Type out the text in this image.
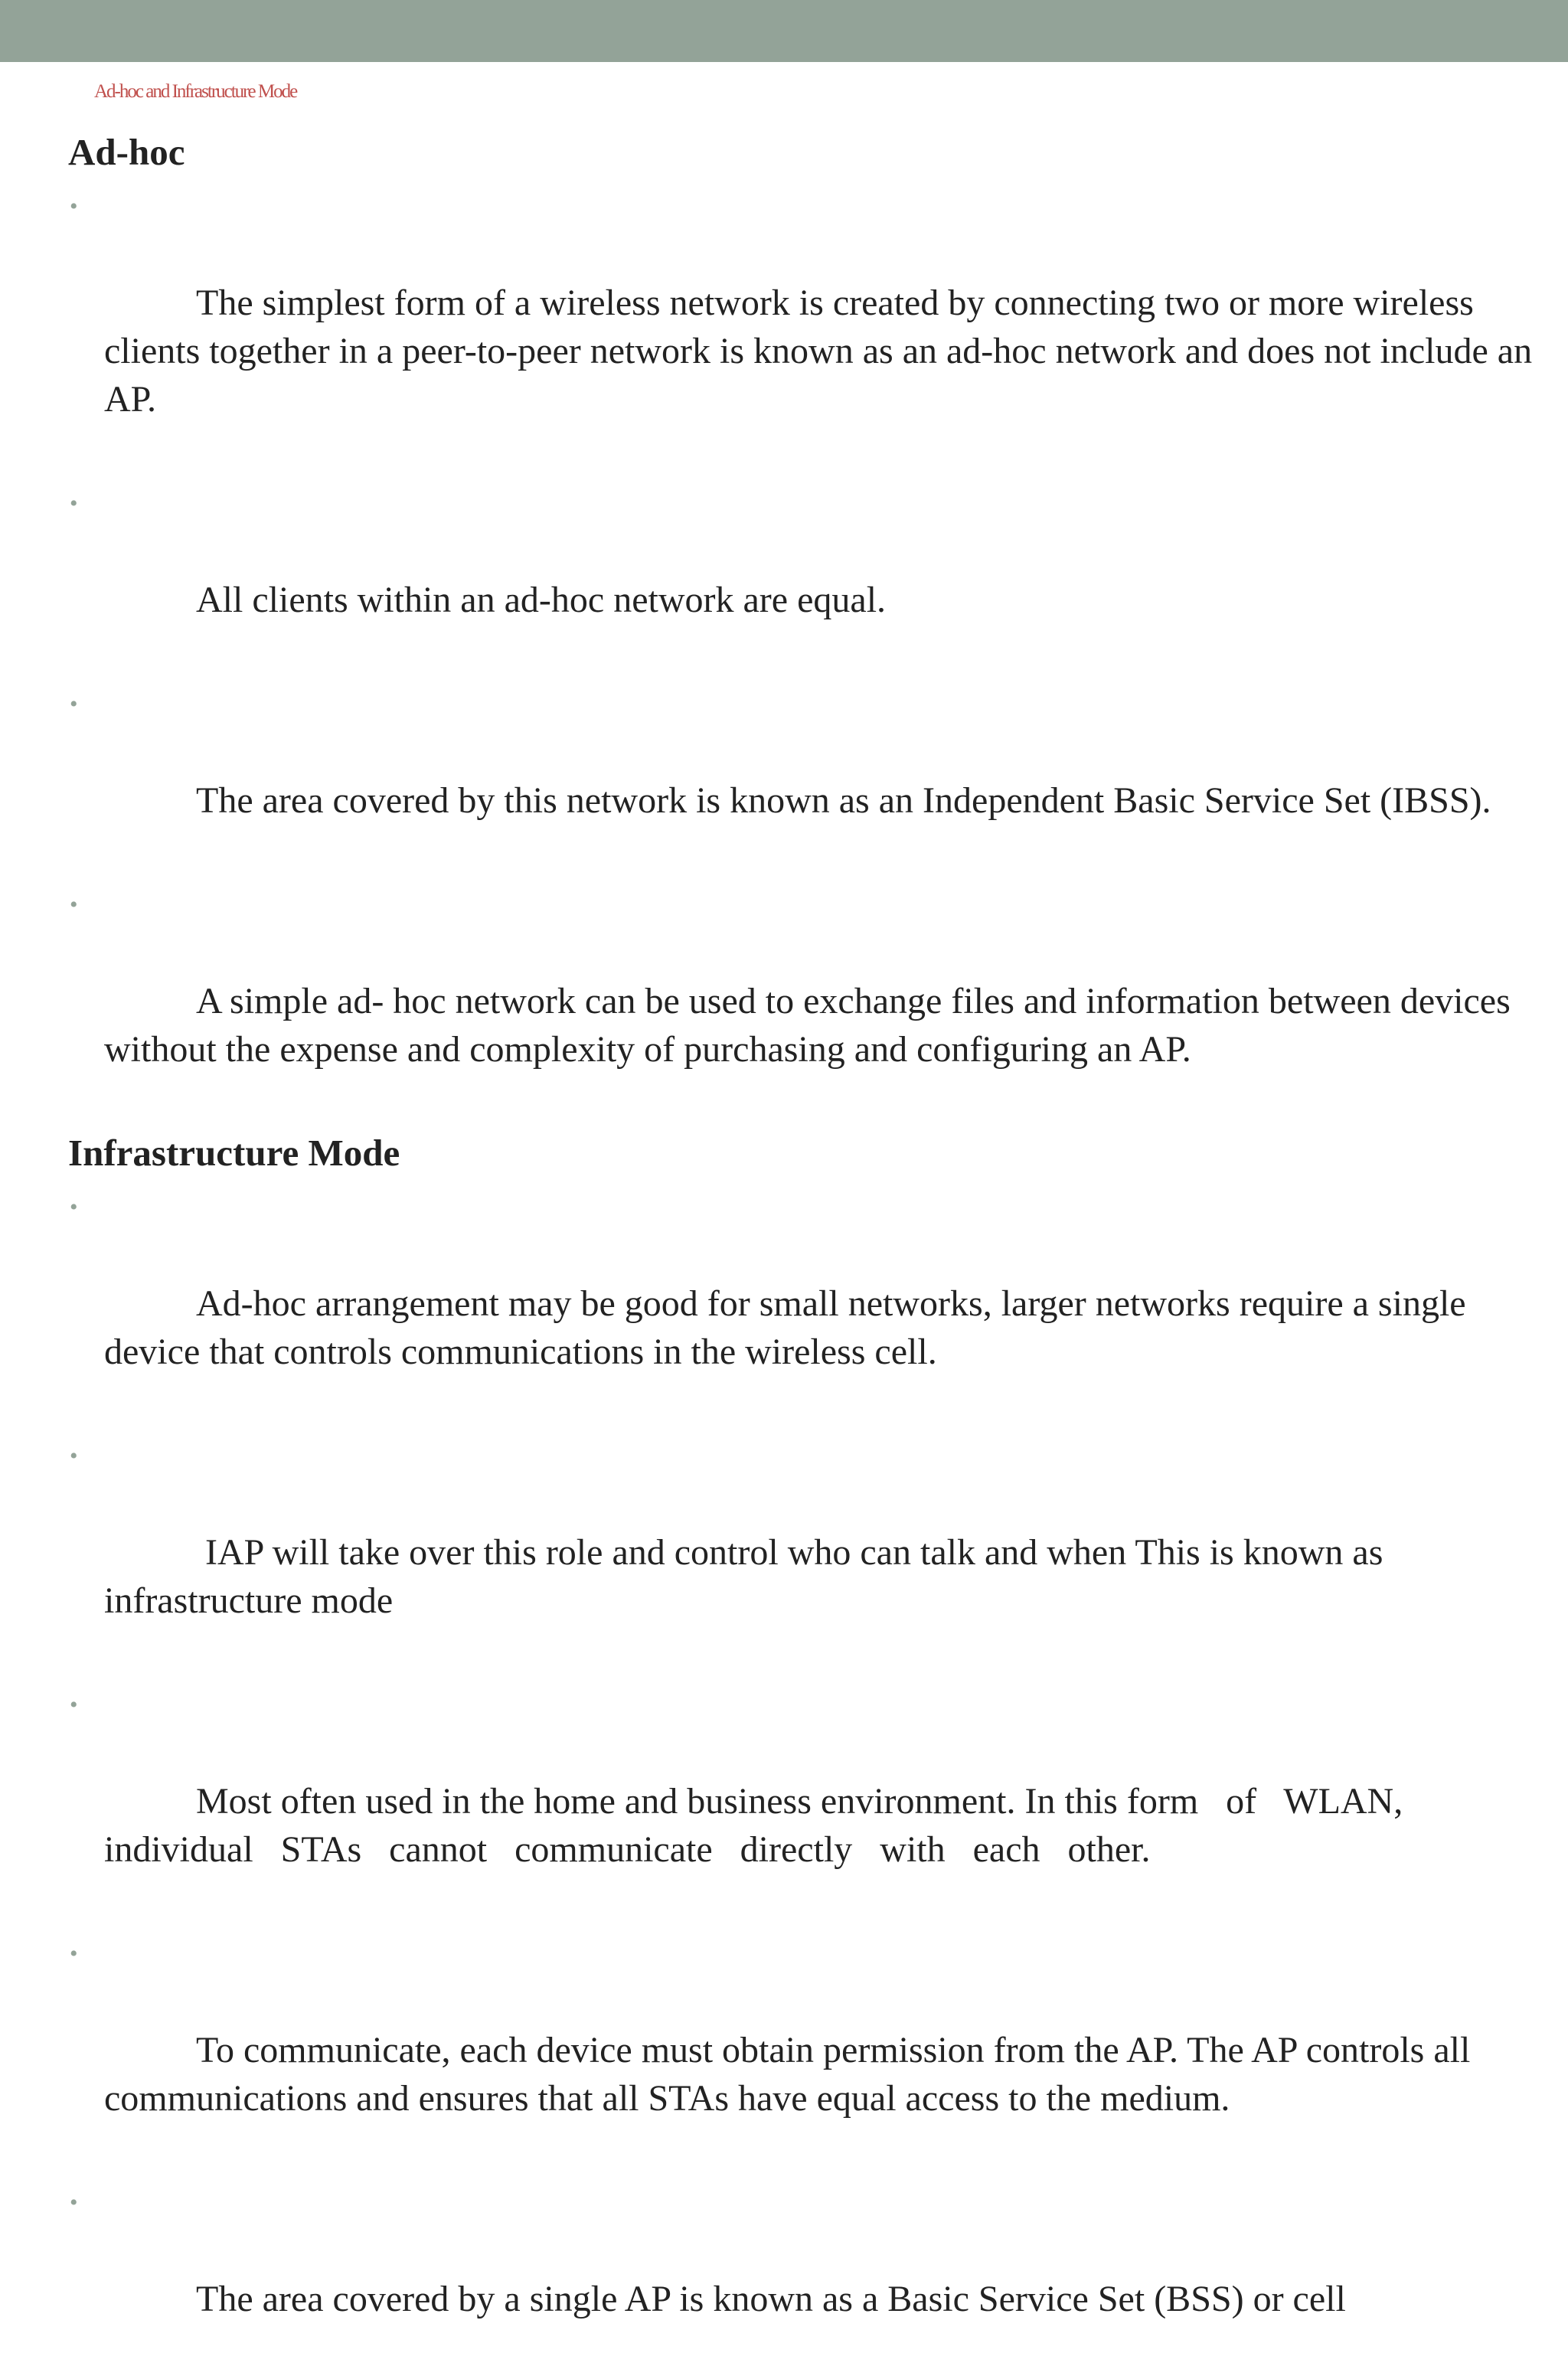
Ad-hoc and Infrastructure Mode
Ad-hoc

•

The simplest form of a wireless network is created by connecting two or more wireless clients together in a peer-to-peer network is known as an ad-hoc network and does not include an AP.

•

All clients within an ad-hoc network are equal.

•

The area covered by this network is known as an Independent Basic Service Set (IBSS).

•

A simple ad- hoc network can be used to exchange files and information between devices without the expense and complexity of purchasing and configuring an AP.

Infrastructure Mode

•

Ad-hoc arrangement may be good for small networks, larger networks require a single device that controls communications in the wireless cell.

•

IAP will take over this role and control who can talk and when This is known as infrastructure mode

•

Most often used in the home and business environment. In this form   of   WLAN, individual   STAs   cannot   communicate   directly   with   each   other.

•

To communicate, each device must obtain permission from the AP. The AP controls all communications and ensures that all STAs have equal access to the medium.

•

The area covered by a single AP is known as a Basic Service Set (BSS) or cell
